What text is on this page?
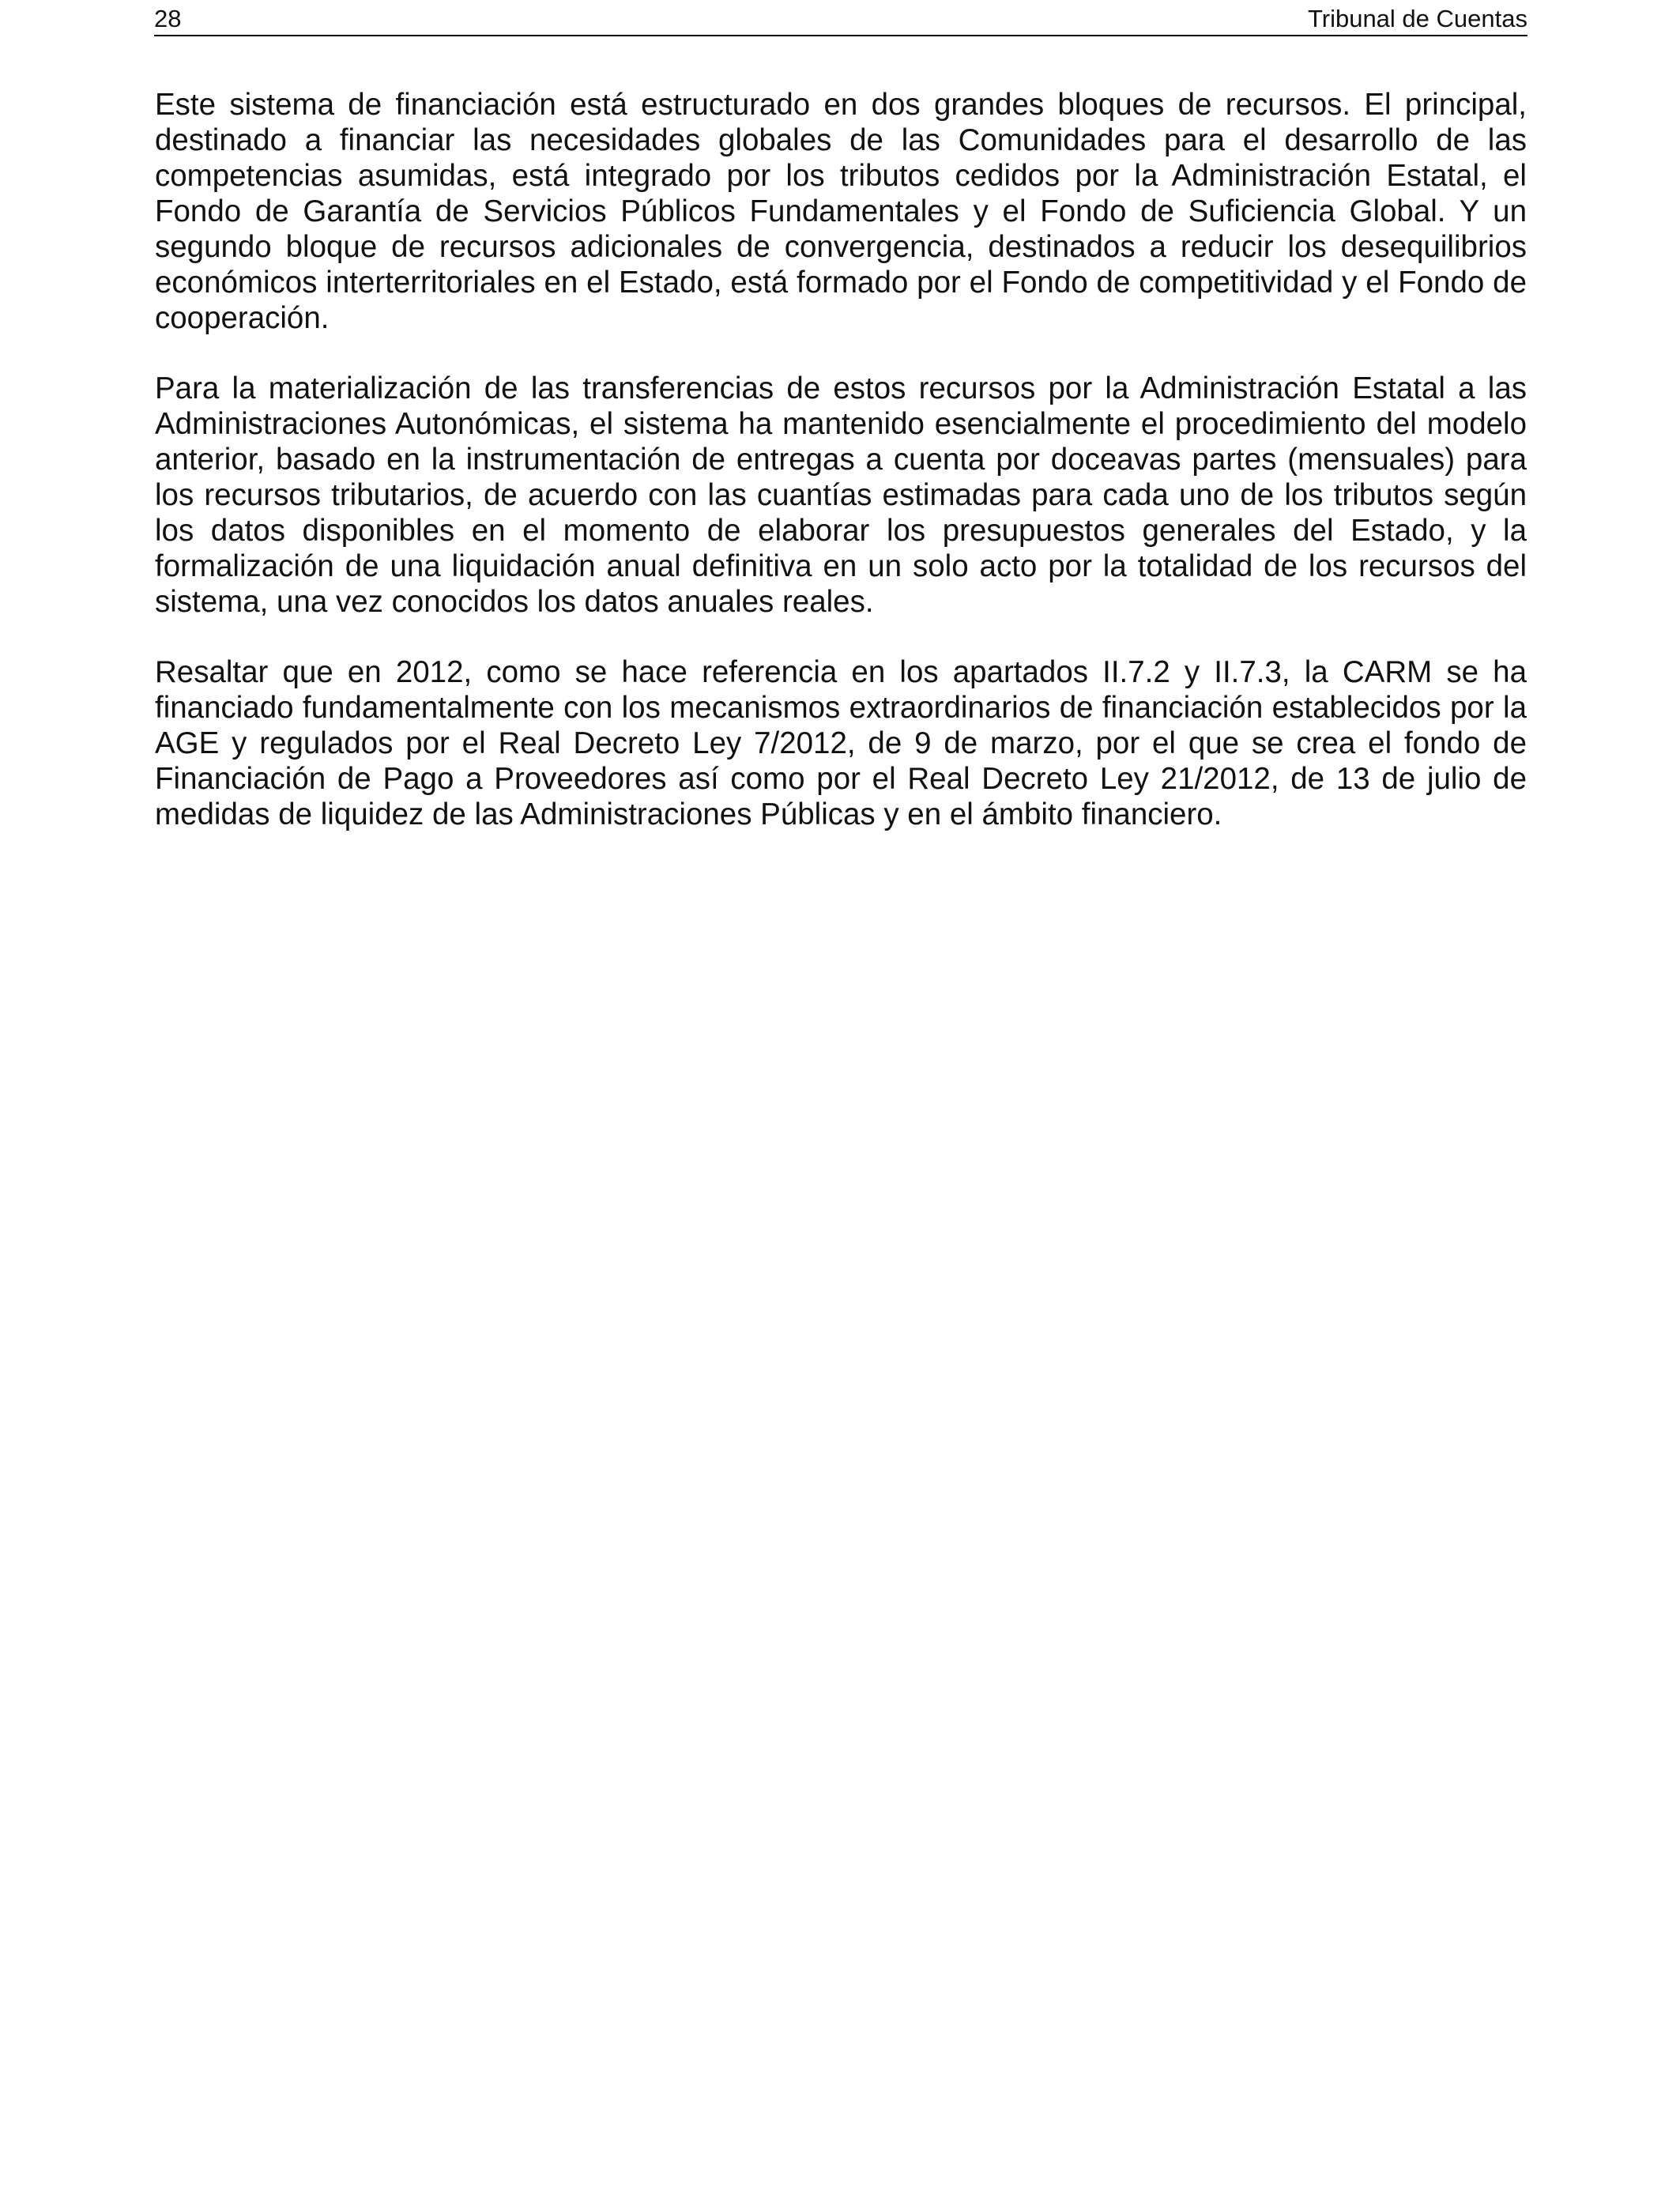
28	Tribunal de Cuentas

Este sistema de financiación está estructurado en dos grandes bloques de recursos. El principal, destinado a financiar las necesidades globales de las Comunidades para el desarrollo de las competencias asumidas, está integrado por los tributos cedidos por la Administración Estatal, el Fondo de Garantía de Servicios Públicos Fundamentales y el Fondo de Suficiencia Global. Y un segundo bloque de recursos adicionales de convergencia, destinados a reducir los desequilibrios económicos interterritoriales en el Estado, está formado por el Fondo de competitividad y el Fondo de cooperación.

Para la materialización de las transferencias de estos recursos por la Administración Estatal a las Administraciones Autonómicas, el sistema ha mantenido esencialmente el procedimiento del modelo anterior, basado en la instrumentación de entregas a cuenta por doceavas partes (mensuales) para los recursos tributarios, de acuerdo con las cuantías estimadas para cada uno de los tributos según los datos disponibles en el momento de elaborar los presupuestos generales del Estado, y la formalización de una liquidación anual definitiva en un solo acto por la totalidad de los recursos del sistema, una vez conocidos los datos anuales reales.

Resaltar que en 2012, como se hace referencia en los apartados II.7.2 y II.7.3, la CARM se ha financiado fundamentalmente con los mecanismos extraordinarios de financiación establecidos por la AGE y regulados por el Real Decreto Ley 7/2012, de 9 de marzo, por el que se crea el fondo de Financiación de Pago a Proveedores así como por el Real Decreto Ley 21/2012, de 13 de julio de medidas de liquidez de las Administraciones Públicas y en el ámbito financiero.
